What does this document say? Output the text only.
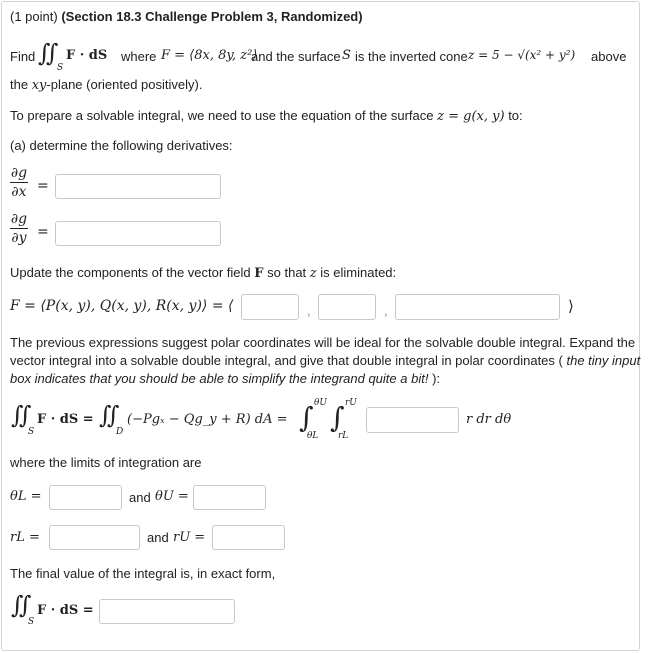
(1 point) (Section 18.3 Challenge Problem 3, Randomized)
Find ∬
S
F · dS where F = ⟨8x, 8y, z²⟩
and the surface S is the inverted cone z = 5 − √(x² + y²) above
the xy-plane (oriented positively).
To prepare a solvable integral, we need to use the equation of the surface z = g(x, y) to:
(a) determine the following derivatives:
∂g
∂x =
∂g
∂y =
Update the components of the vector field F so that z is eliminated:
F = ⟨P(x, y), Q(x, y), R(x, y)⟩ = ⟨	,	,	⟩
The previous expressions suggest polar coordinates will be ideal for the solvable double integral. Expand the
vector integral into a solvable double integral, and give that double integral in polar coordinates ( the tiny input
box indicates that you should be able to simplify the integrand quite a bit! ):
∬
S
F · dS = ∬
D
(−Pgₓ − Qg_y + R) dA = ∫ θU
θL
∫ rU
rL
r dr dθ
where the limits of integration are
θL =	and θU =
rL =	and rU =
The final value of the integral is, in exact form,
∬
S
F · dS =
